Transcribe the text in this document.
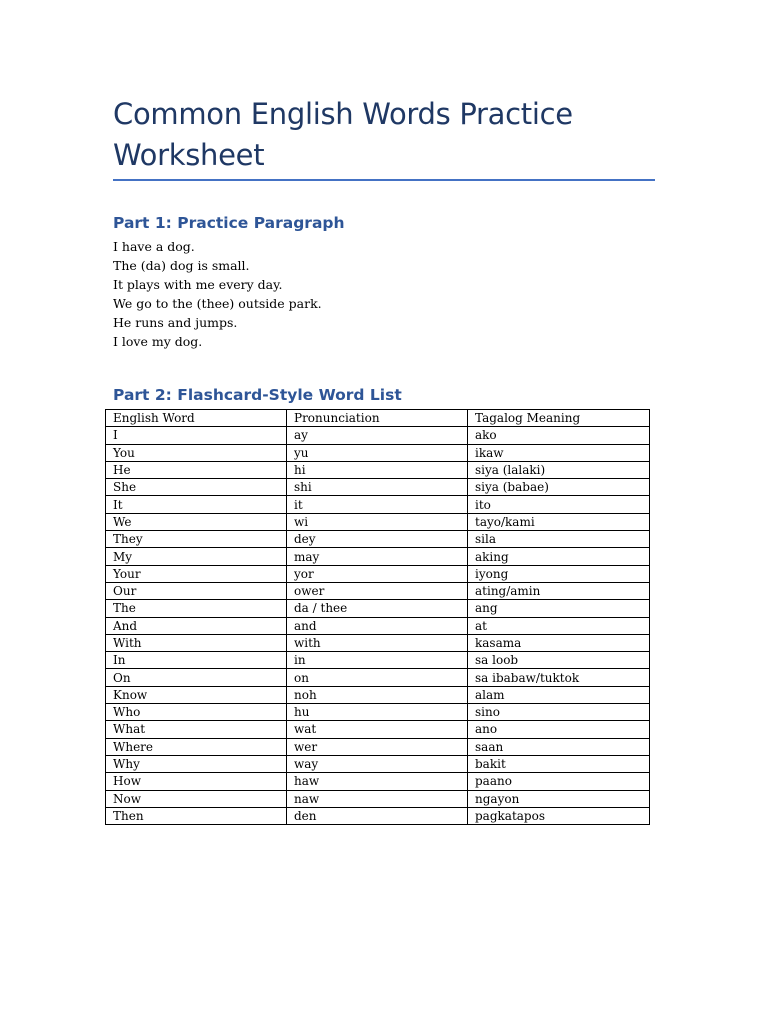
Common English Words Practice Worksheet
Part 1: Practice Paragraph
I have a dog.
The (da) dog is small.
It plays with me every day.
We go to the (thee) outside park.
He runs and jumps.
I love my dog.
Part 2: Flashcard-Style Word List
English Word	Pronunciation	Tagalog Meaning
I	ay	ako
You	yu	ikaw
He	hi	siya (lalaki)
She	shi	siya (babae)
It	it	ito
We	wi	tayo/kami
They	dey	sila
My	may	aking
Your	yor	iyong
Our	ower	ating/amin
The	da / thee	ang
And	and	at
With	with	kasama
In	in	sa loob
On	on	sa ibabaw/tuktok
Know	noh	alam
Who	hu	sino
What	wat	ano
Where	wer	saan
Why	way	bakit
How	haw	paano
Now	naw	ngayon
Then	den	pagkatapos
